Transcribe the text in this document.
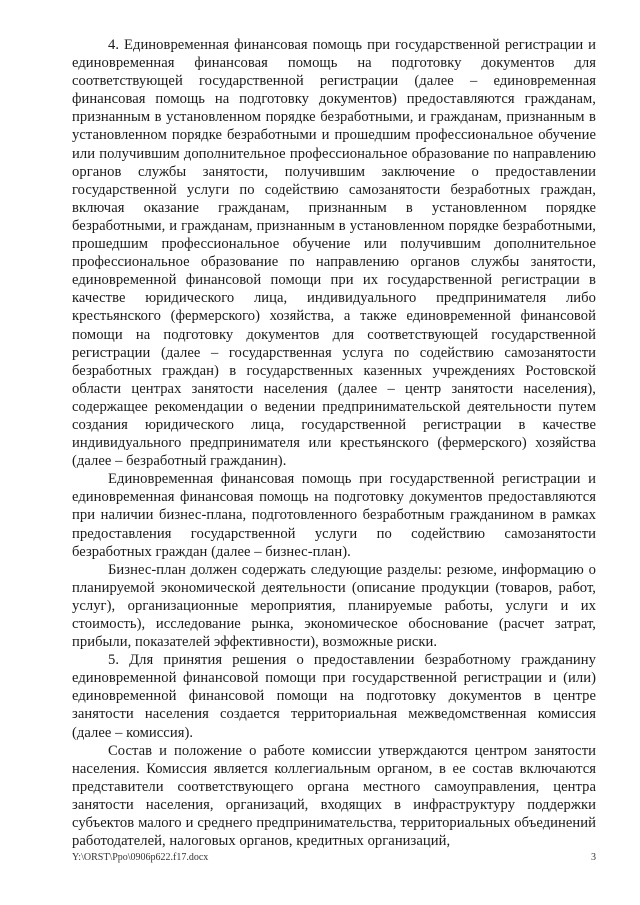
4. Единовременная финансовая помощь при государственной регистрации и единовременная финансовая помощь на подготовку документов для соответствующей государственной регистрации (далее – единовременная финансовая помощь на подготовку документов) предоставляются гражданам, признанным в установленном порядке безработными, и гражданам, признанным в установленном порядке безработными и прошедшим профессиональное обучение или получившим дополнительное профессиональное образование по направлению органов службы занятости, получившим заключение о предоставлении государственной услуги по содействию самозанятости безработных граждан, включая оказание гражданам, признанным в установленном порядке безработными, и гражданам, признанным в установленном порядке безработными, прошедшим профессиональное обучение или получившим дополнительное профессиональное образование по направлению органов службы занятости, единовременной финансовой помощи при их государственной регистрации в качестве юридического лица, индивидуального предпринимателя либо крестьянского (фермерского) хозяйства, а также единовременной финансовой помощи на подготовку документов для соответствующей государственной регистрации (далее – государственная услуга по содействию самозанятости безработных граждан) в государственных казенных учреждениях Ростовской области центрах занятости населения (далее – центр занятости населения), содержащее рекомендации о ведении предпринимательской деятельности путем создания юридического лица, государственной регистрации в качестве индивидуального предпринимателя или крестьянского (фермерского) хозяйства (далее – безработный гражданин).

Единовременная финансовая помощь при государственной регистрации и единовременная финансовая помощь на подготовку документов предоставляются при наличии бизнес-плана, подготовленного безработным гражданином в рамках предоставления государственной услуги по содействию самозанятости безработных граждан (далее – бизнес-план).

Бизнес-план должен содержать следующие разделы: резюме, информацию о планируемой экономической деятельности (описание продукции (товаров, работ, услуг), организационные мероприятия, планируемые работы, услуги и их стоимость), исследование рынка, экономическое обоснование (расчет затрат, прибыли, показателей эффективности), возможные риски.

5. Для принятия решения о предоставлении безработному гражданину единовременной финансовой помощи при государственной регистрации и (или) единовременной финансовой помощи на подготовку документов в центре занятости населения создается территориальная межведомственная комиссия (далее – комиссия).

Состав и положение о работе комиссии утверждаются центром занятости населения. Комиссия является коллегиальным органом, в ее состав включаются представители соответствующего органа местного самоуправления, центра занятости населения, организаций, входящих в инфраструктуру поддержки субъектов малого и среднего предпринимательства, территориальных объединений работодателей, налоговых органов, кредитных организаций,

Y:\ORST\Ppo\0906p622.f17.docx	3
